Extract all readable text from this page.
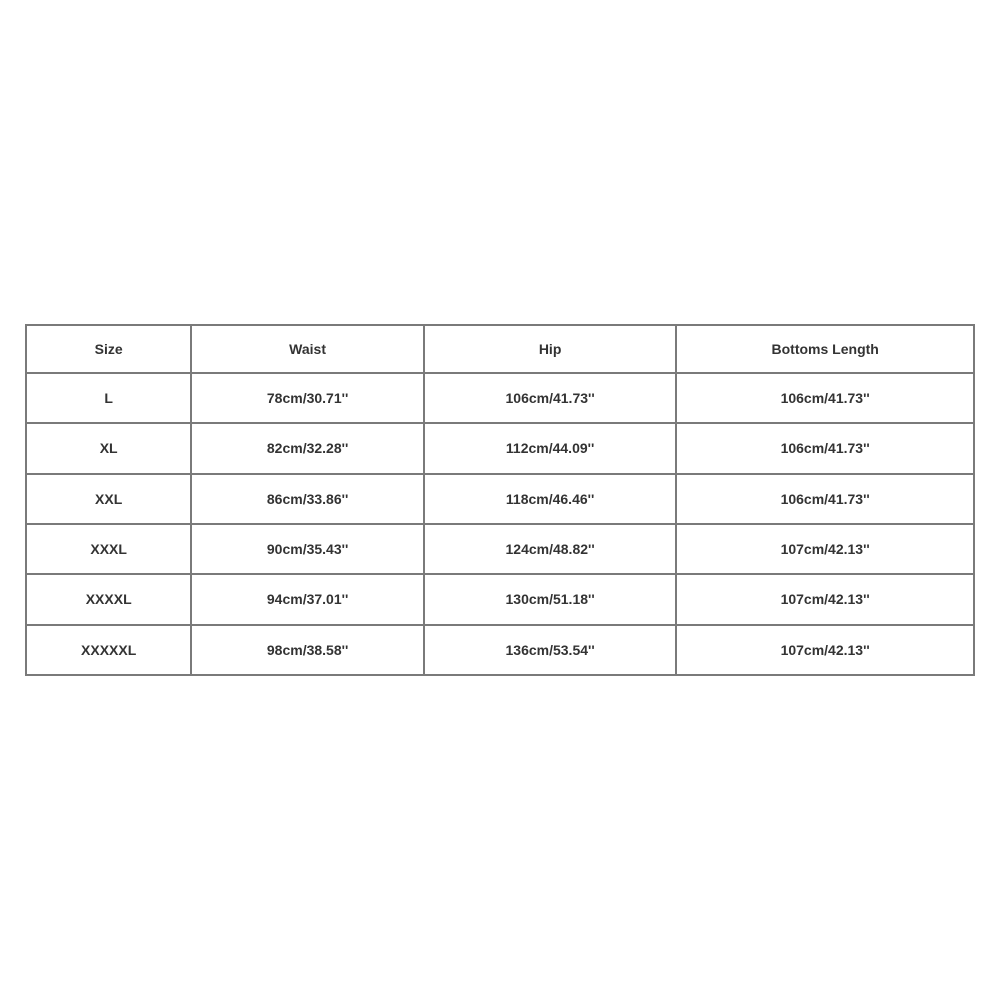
Size	Waist	Hip	Bottoms Length
L	78cm/30.71''	106cm/41.73''	106cm/41.73''
XL	82cm/32.28''	112cm/44.09''	106cm/41.73''
XXL	86cm/33.86''	118cm/46.46''	106cm/41.73''
XXXL	90cm/35.43''	124cm/48.82''	107cm/42.13''
XXXXL	94cm/37.01''	130cm/51.18''	107cm/42.13''
XXXXXL	98cm/38.58''	136cm/53.54''	107cm/42.13''
